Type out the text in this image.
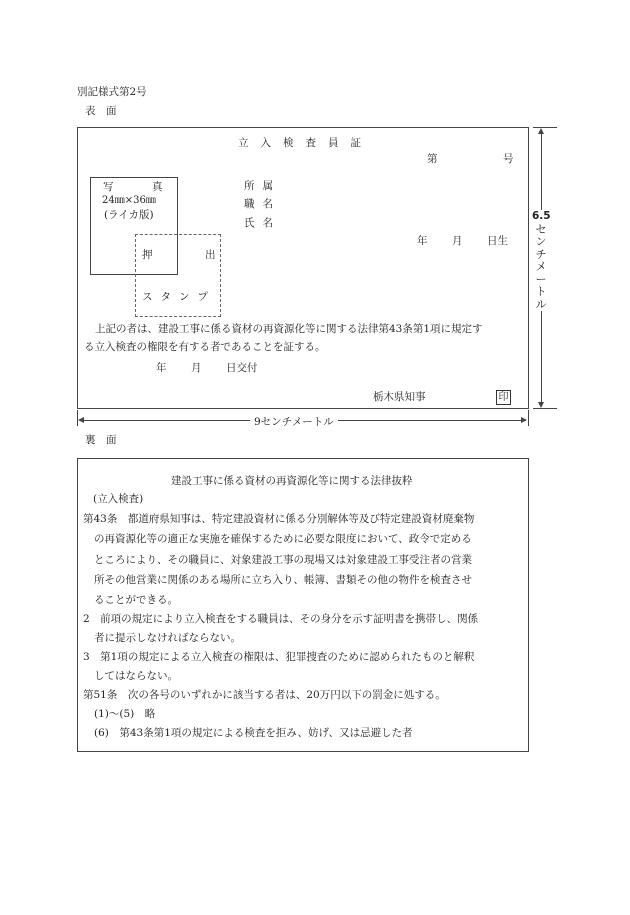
別記様式第2号
表　面
立入検査員証
第	号
写	真
24㎜×36㎜
(ライカ版)
押	出
スタンプ
所属
職名
氏名
年 月 日生
上記の者は、建設工事に係る資材の再資源化等に関する法律第43条第1項に規定す
る立入検査の権限を有する者であることを証する。
年 月 日交付
栃木県知事	印
6.5
セ
ン
チ
メ
ー
ト
ル
9センチメートル
裏　面
建設工事に係る資材の再資源化等に関する法律抜粋
(立入検査)
第43条　都道府県知事は、特定建設資材に係る分別解体等及び特定建設資材廃棄物
の再資源化等の適正な実施を確保するために必要な限度において、政令で定める
ところにより、その職員に、対象建設工事の現場又は対象建設工事受注者の営業
所その他営業に関係のある場所に立ち入り、帳簿、書類その他の物件を検査させ
ることができる。
2　前項の規定により立入検査をする職員は、その身分を示す証明書を携帯し、関係
者に提示しなければならない。
3　第1項の規定による立入検査の権限は、犯罪捜査のために認められたものと解釈
してはならない。
第51条　次の各号のいずれかに該当する者は、20万円以下の罰金に処する。
(1)～(5)　略
(6)　第43条第1項の規定による検査を拒み、妨げ、又は忌避した者
